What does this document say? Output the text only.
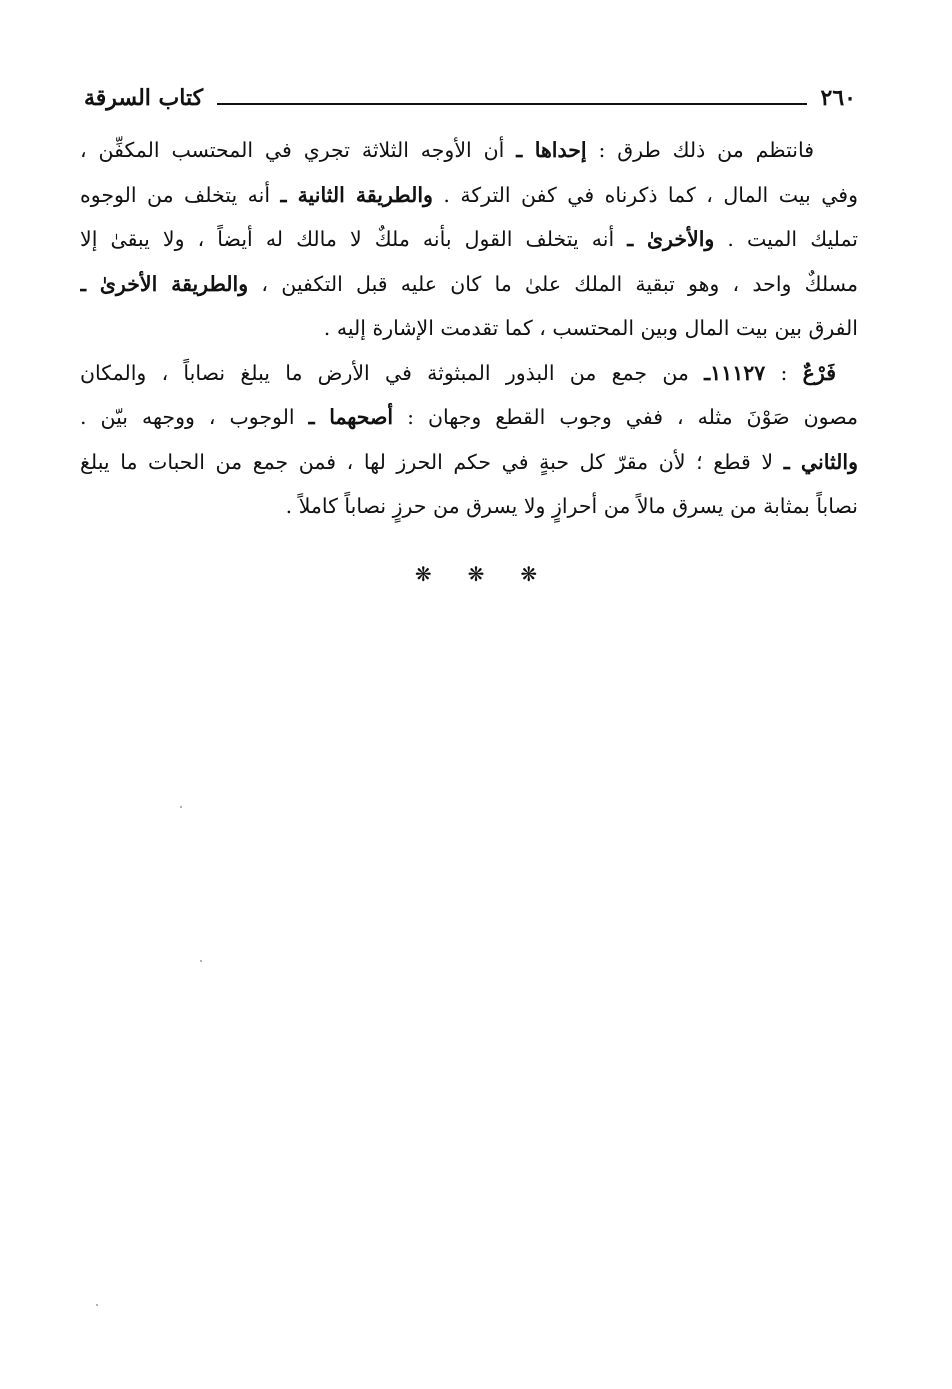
٢٦٠
كتاب السرقة

فانتظم من ذلك طرق : إحداها ـ أن الأوجه الثلاثة تجري في المحتسب المكفِّن ،
وفي بيت المال ، كما ذكرناه في كفن التركة . والطريقة الثانية ـ أنه يتخلف من الوجوه
تمليك الميت . والأخرىٰ ـ أنه يتخلف القول بأنه ملكٌ لا مالك له أيضاً ، ولا يبقىٰ إلا
مسلكٌ واحد ، وهو تبقية الملك علىٰ ما كان عليه قبل التكفين ، والطريقة الأخرىٰ ـ
الفرق بين بيت المال وبين المحتسب ، كما تقدمت الإشارة إليه .

فَرْعٌ : ١١١٢٧ـ من جمع من البذور المبثوثة في الأرض ما يبلغ نصاباً ، والمكان
مصون صَوْنَ مثله ، ففي وجوب القطع وجهان : أصحهما ـ الوجوب ، ووجهه بيّن .
والثاني ـ لا قطع ؛ لأن مقرّ كل حبةٍ في حكم الحرز لها ، فمن جمع من الحبات ما يبلغ
نصاباً بمثابة من يسرق مالاً من أحرازٍ ولا يسرق من حرزٍ نصاباً كاملاً .

❋ ❋ ❋
